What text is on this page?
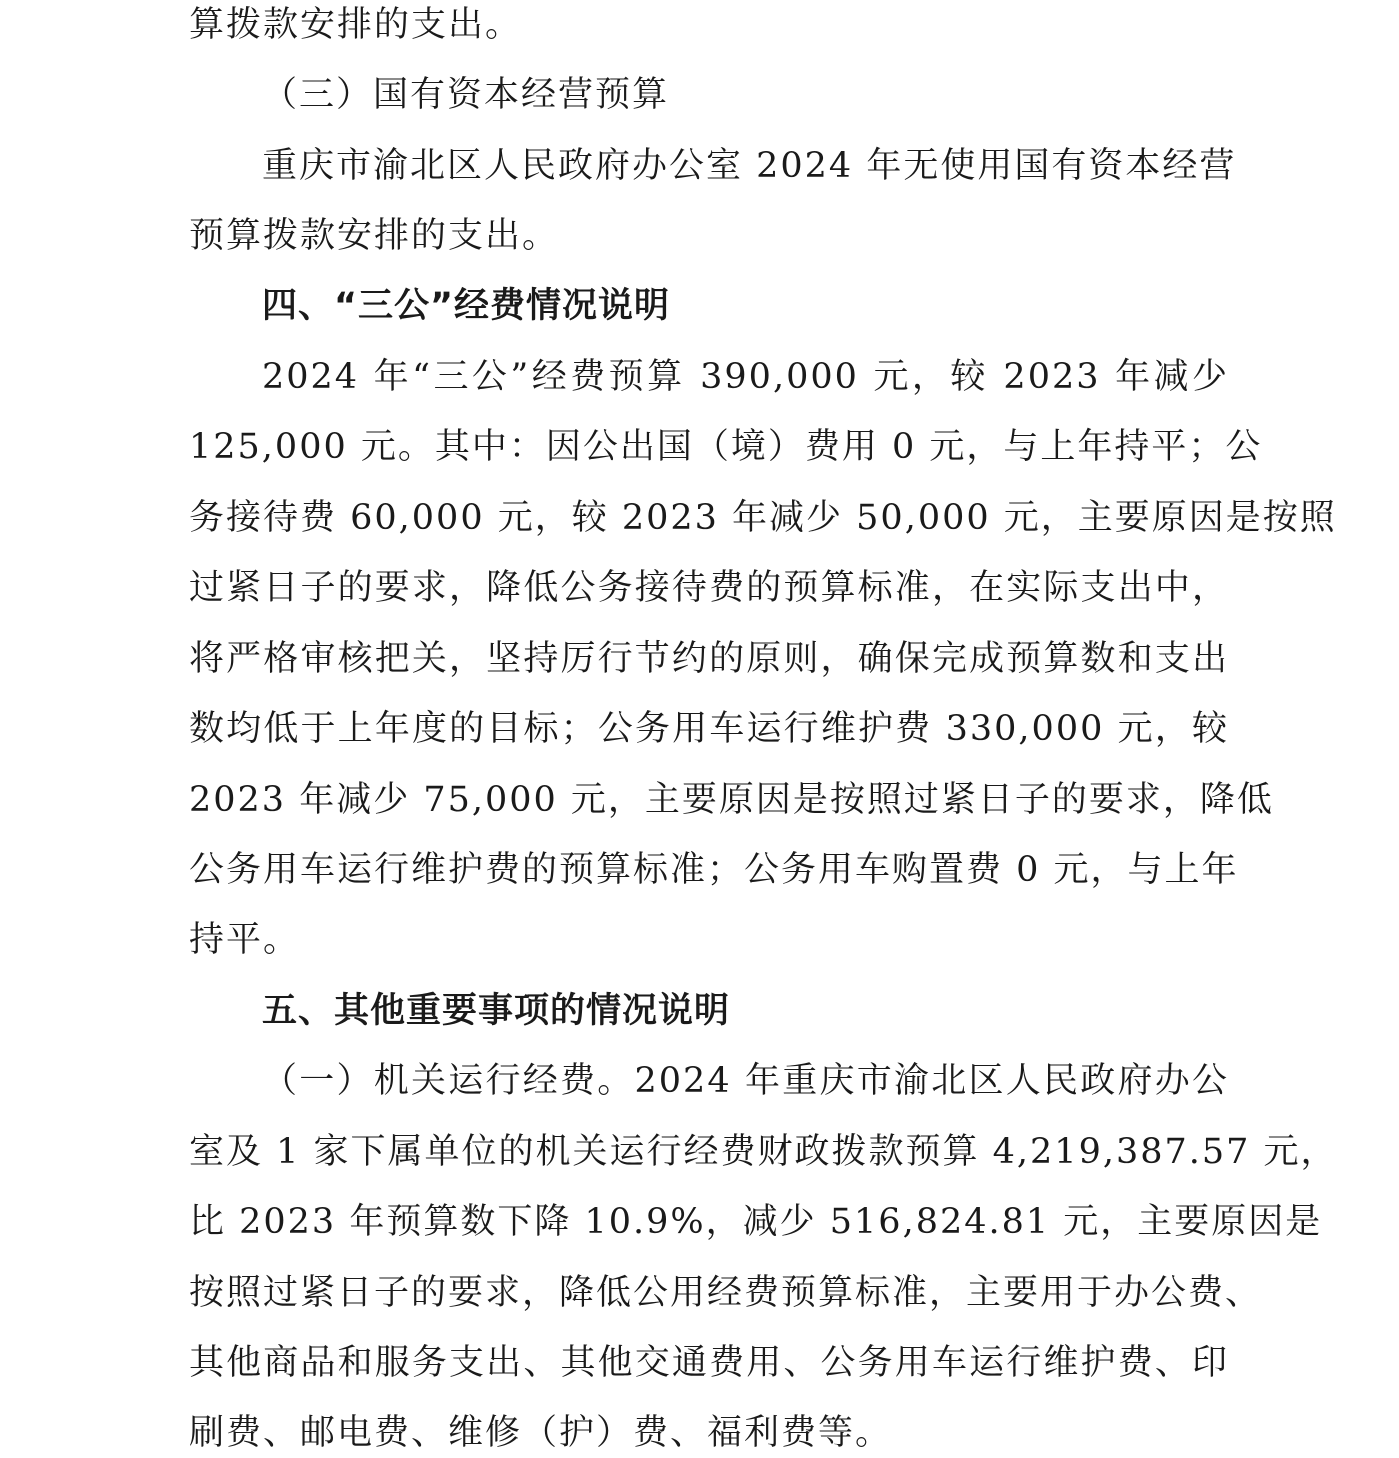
算拨款安排的支出。
（三）国有资本经营预算
重庆市渝北区人民政府办公室 2024 年无使用国有资本经营
预算拨款安排的支出。
四、“三公”经费情况说明
2024 年“三公”经费预算 390,000 元，较 2023 年减少
125,000 元。其中：因公出国（境）费用 0 元，与上年持平；公
务接待费 60,000 元，较 2023 年减少 50,000 元，主要原因是按照
过紧日子的要求，降低公务接待费的预算标准，在实际支出中，
将严格审核把关，坚持厉行节约的原则，确保完成预算数和支出
数均低于上年度的目标；公务用车运行维护费 330,000 元，较
2023 年减少 75,000 元，主要原因是按照过紧日子的要求，降低
公务用车运行维护费的预算标准；公务用车购置费 0 元，与上年
持平。
五、其他重要事项的情况说明
（一）机关运行经费。2024 年重庆市渝北区人民政府办公
室及 1 家下属单位的机关运行经费财政拨款预算 4,219,387.57 元，
比 2023 年预算数下降 10.9%，减少 516,824.81 元，主要原因是
按照过紧日子的要求，降低公用经费预算标准，主要用于办公费、
其他商品和服务支出、其他交通费用、公务用车运行维护费、印
刷费、邮电费、维修（护）费、福利费等。
